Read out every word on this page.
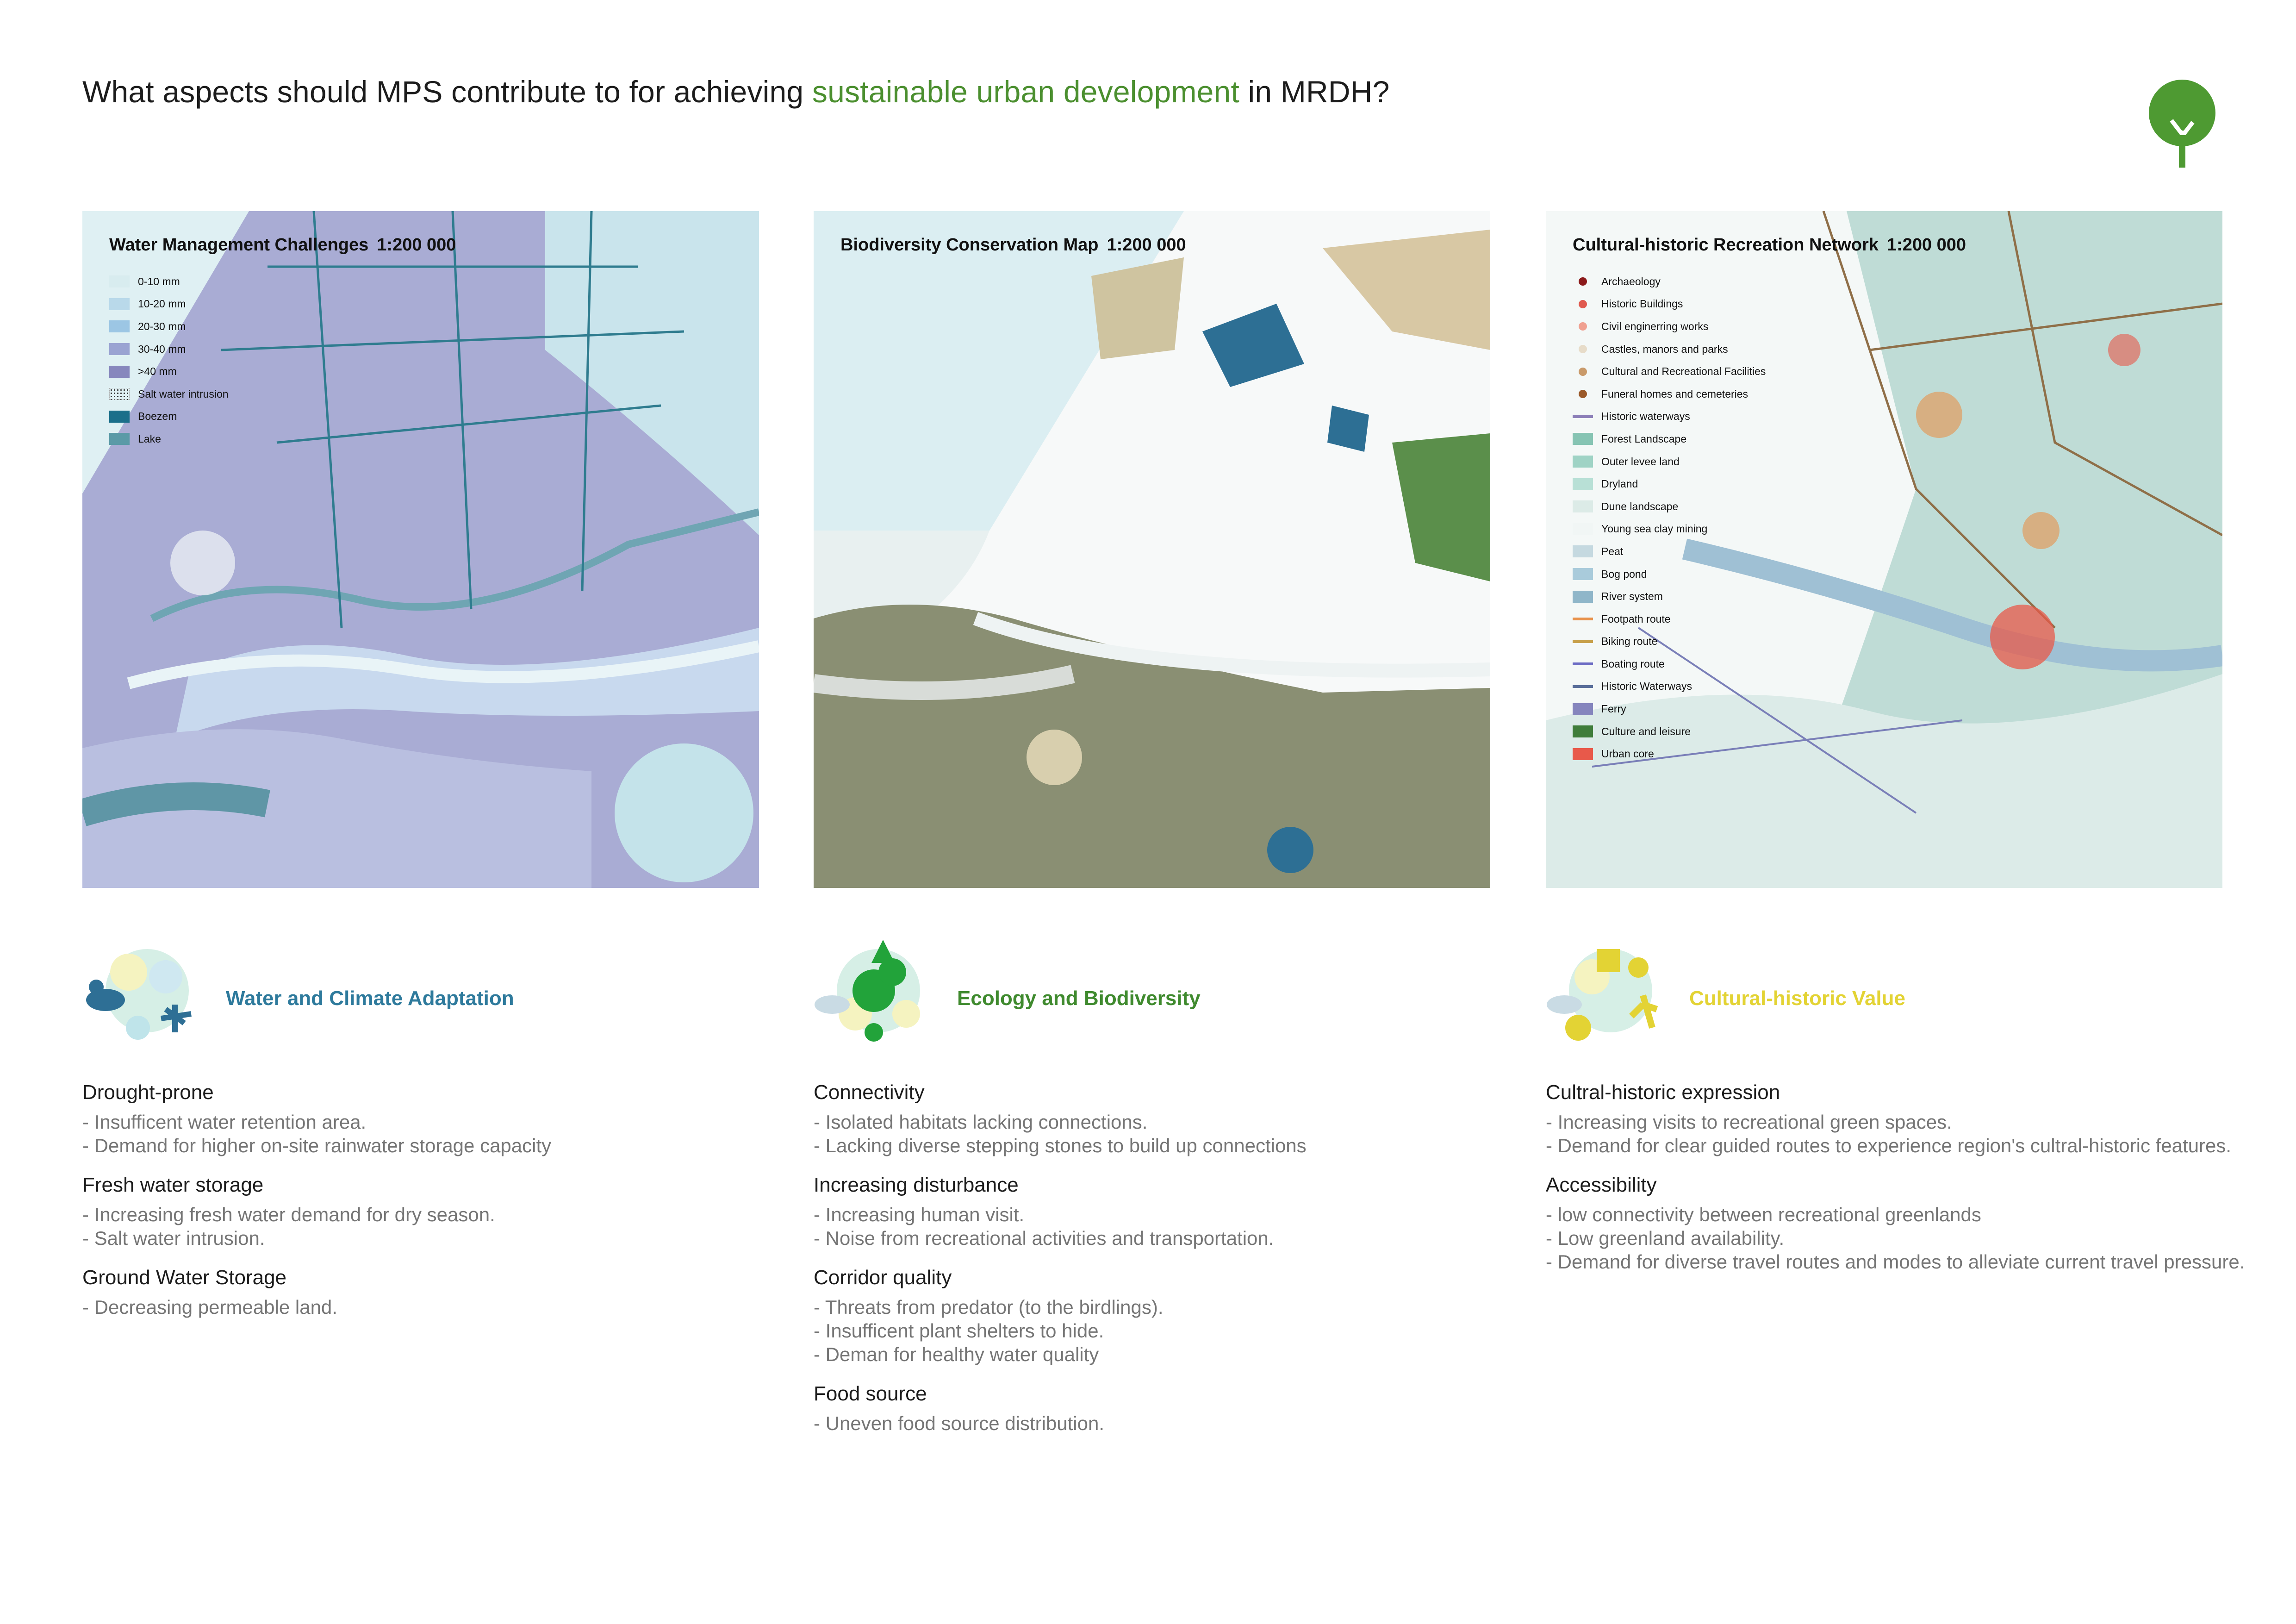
What aspects should MPS contribute to for achieving sustainable urban development in MRDH?
Water Management Challenges 1:200 000
0-10 mm
10-20 mm
20-30 mm
30-40 mm
>40 mm
Salt water intrusion
Boezem
Lake
Biodiversity Conservation Map 1:200 000	Cultural-historic Recreation Network 1:200 000
Archaeology
Historic Buildings
Civil enginerring works
Castles, manors and parks
Cultural and Recreational Facilities
Funeral homes and cemeteries
Historic waterways
Forest Landscape
Outer levee land
Dryland
Dune landscape
Young sea clay mining
Peat
Bog pond
River system
Footpath route
Biking route
Boating route
Historic Waterways
Ferry
Culture and leisure
Urban core
Water and Climate Adaptation	Ecology and Biodiversity	Cultural-historic Value
Drought-prone
- Insufficent water retention area.
- Demand for higher on-site rainwater storage capacity
Fresh water storage
- Increasing fresh water demand for dry season.
- Salt water intrusion.
Ground Water Storage
- Decreasing permeable land.
Connectivity
- Isolated habitats lacking connections.
- Lacking diverse stepping stones to build up connections
Increasing disturbance
- Increasing human visit.
- Noise from recreational activities and transportation.
Corridor quality
- Threats from predator (to the birdlings).
- Insufficent plant shelters to hide.
- Deman for healthy water quality
Food source
- Uneven food source distribution.
Cultral-historic expression
- Increasing visits to recreational green spaces.
- Demand for clear guided routes to experience region's cultral-historic features.
Accessibility
- low connectivity between recreational greenlands
- Low greenland availability.
- Demand for diverse travel routes and modes to alleviate current travel pressure.
